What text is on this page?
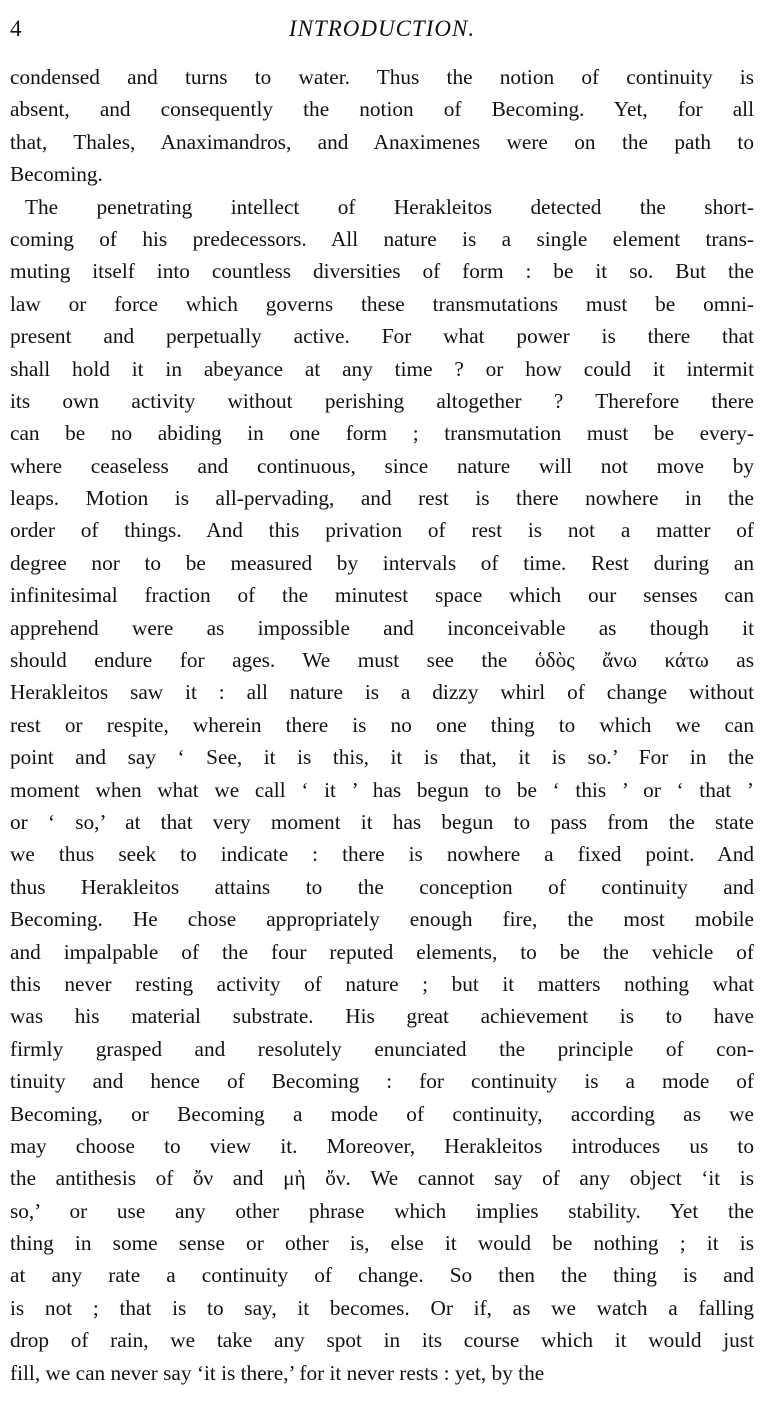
4	INTRODUCTION.
condensed and turns to water. Thus the notion of continuity is
absent, and consequently the notion of Becoming. Yet, for all
that, Thales, Anaximandros, and Anaximenes were on the path to
Becoming.
The penetrating intellect of Herakleitos detected the short-
coming of his predecessors. All nature is a single element trans-
muting itself into countless diversities of form : be it so. But the
law or force which governs these transmutations must be omni-
present and perpetually active. For what power is there that
shall hold it in abeyance at any time ? or how could it intermit
its own activity without perishing altogether ? Therefore there
can be no abiding in one form ; transmutation must be every-
where ceaseless and continuous, since nature will not move by
leaps. Motion is all-pervading, and rest is there nowhere in the
order of things. And this privation of rest is not a matter of
degree nor to be measured by intervals of time. Rest during an
infinitesimal fraction of the minutest space which our senses can
apprehend were as impossible and inconceivable as though it
should endure for ages. We must see the ὁδὸς ἄνω κάτω as
Herakleitos saw it : all nature is a dizzy whirl of change without
rest or respite, wherein there is no one thing to which we can
point and say ‘ See, it is this, it is that, it is so.’ For in the
moment when what we call ‘ it ’ has begun to be ‘ this ’ or ‘ that ’
or ‘ so,’ at that very moment it has begun to pass from the state
we thus seek to indicate : there is nowhere a fixed point. And
thus Herakleitos attains to the conception of continuity and
Becoming. He chose appropriately enough fire, the most mobile
and impalpable of the four reputed elements, to be the vehicle of
this never resting activity of nature ; but it matters nothing what
was his material substrate. His great achievement is to have
firmly grasped and resolutely enunciated the principle of con-
tinuity and hence of Becoming : for continuity is a mode of
Becoming, or Becoming a mode of continuity, according as we
may choose to view it. Moreover, Herakleitos introduces us to
the antithesis of ὄν and μὴ ὄν. We cannot say of any object ‘it is
so,’ or use any other phrase which implies stability. Yet the
thing in some sense or other is, else it would be nothing ; it is
at any rate a continuity of change. So then the thing is and
is not ; that is to say, it becomes. Or if, as we watch a falling
drop of rain, we take any spot in its course which it would just
fill, we can never say ‘it is there,’ for it never rests : yet, by the
